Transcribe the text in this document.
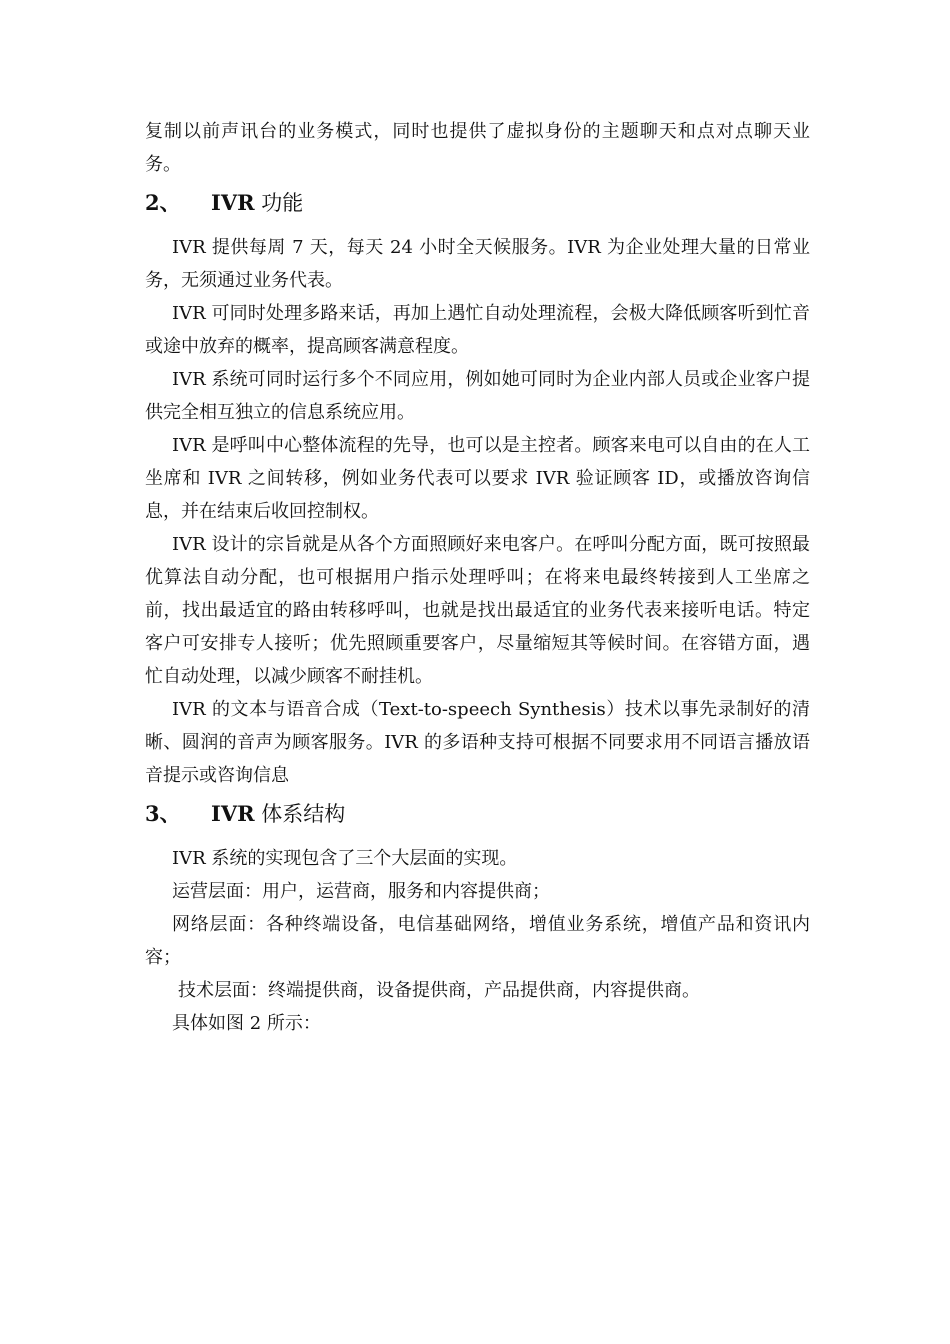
复制以前声讯台的业务模式，同时也提供了虚拟身份的主题聊天和点对点聊天业务。

2、	IVR 功能

IVR 提供每周 7 天，每天 24 小时全天候服务。IVR 为企业处理大量的日常业务，无须通过业务代表。

IVR 可同时处理多路来话，再加上遇忙自动处理流程，会极大降低顾客听到忙音或途中放弃的概率，提高顾客满意程度。

IVR 系统可同时运行多个不同应用，例如她可同时为企业内部人员或企业客户提供完全相互独立的信息系统应用。

IVR 是呼叫中心整体流程的先导，也可以是主控者。顾客来电可以自由的在人工坐席和 IVR 之间转移，例如业务代表可以要求 IVR 验证顾客 ID，或播放咨询信息，并在结束后收回控制权。

IVR 设计的宗旨就是从各个方面照顾好来电客户。在呼叫分配方面，既可按照最优算法自动分配，也可根据用户指示处理呼叫；在将来电最终转接到人工坐席之前，找出最适宜的路由转移呼叫，也就是找出最适宜的业务代表来接听电话。特定客户可安排专人接听；优先照顾重要客户，尽量缩短其等候时间。在容错方面，遇忙自动处理，以减少顾客不耐挂机。

IVR 的文本与语音合成（Text-to-speech Synthesis）技术以事先录制好的清晰、圆润的音声为顾客服务。IVR 的多语种支持可根据不同要求用不同语言播放语音提示或咨询信息

3、	IVR 体系结构

IVR 系统的实现包含了三个大层面的实现。

运营层面：用户，运营商，服务和内容提供商；

网络层面：各种终端设备，电信基础网络，增值业务系统，增值产品和资讯内容；

技术层面：终端提供商，设备提供商，产品提供商，内容提供商。

具体如图 2 所示：
